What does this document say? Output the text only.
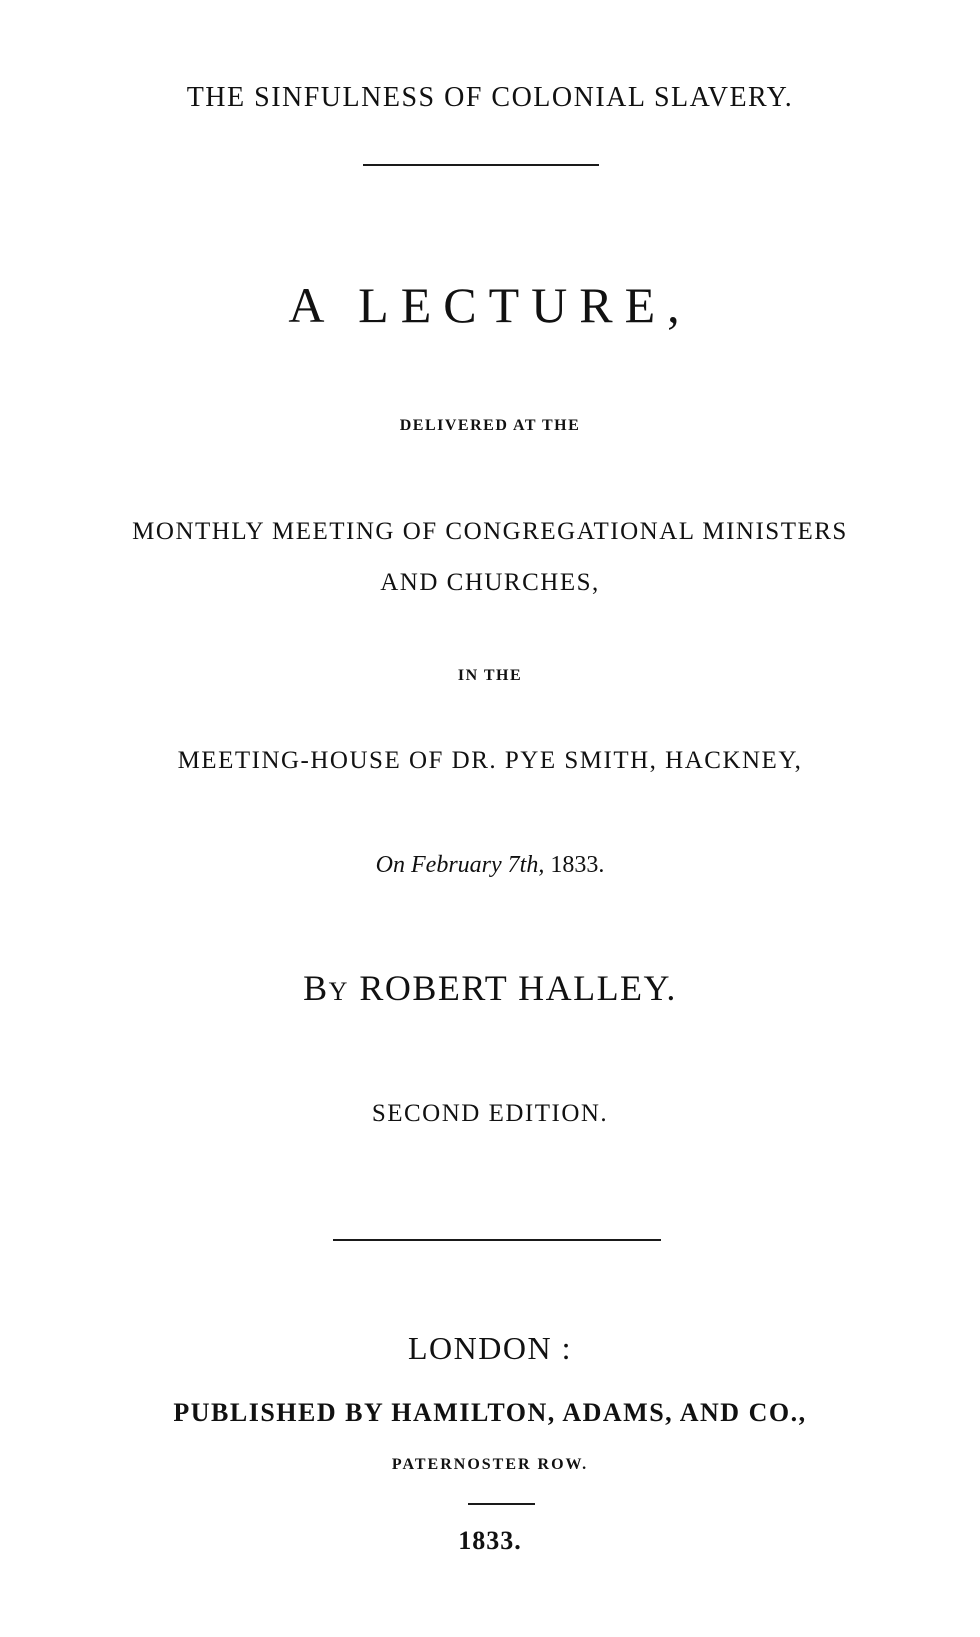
THE SINFULNESS OF COLONIAL SLAVERY.
A LECTURE,
DELIVERED AT THE
MONTHLY MEETING OF CONGREGATIONAL MINISTERS
AND CHURCHES,
IN THE
MEETING-HOUSE OF DR. PYE SMITH, HACKNEY,
On February 7th, 1833.
BY ROBERT HALLEY.
SECOND EDITION.
LONDON :
PUBLISHED BY HAMILTON, ADAMS, AND CO.,
PATERNOSTER ROW.
1833.
